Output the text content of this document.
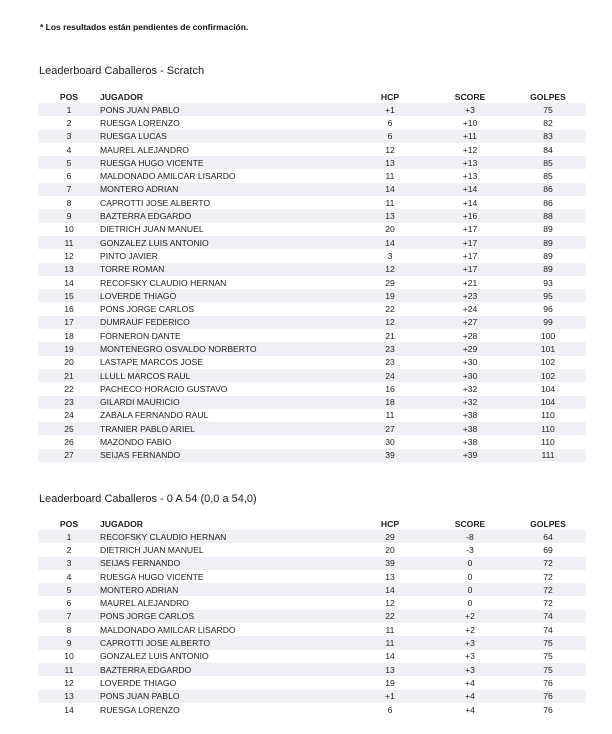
* Los resultados están pendientes de confirmación.
Leaderboard Caballeros - Scratch
POS	JUGADOR	HCP	SCORE	GOLPES
1	PONS JUAN PABLO	+1	+3	75
2	RUESGA LORENZO	6	+10	82
3	RUESGA LUCAS	6	+11	83
4	MAUREL ALEJANDRO	12	+12	84
5	RUESGA HUGO VICENTE	13	+13	85
6	MALDONADO AMILCAR LISARDO	11	+13	85
7	MONTERO ADRIAN	14	+14	86
8	CAPROTTI JOSE ALBERTO	11	+14	86
9	BAZTERRA EDGARDO	13	+16	88
10	DIETRICH JUAN MANUEL	20	+17	89
11	GONZALEZ LUIS ANTONIO	14	+17	89
12	PINTO JAVIER	3	+17	89
13	TORRE ROMAN	12	+17	89
14	RECOFSKY CLAUDIO HERNAN	29	+21	93
15	LOVERDE THIAGO	19	+23	95
16	PONS JORGE CARLOS	22	+24	96
17	DUMRAUF FEDERICO	12	+27	99
18	FORNERON DANTE	21	+28	100
19	MONTENEGRO OSVALDO NORBERTO	23	+29	101
20	LASTAPE MARCOS JOSE	23	+30	102
21	LLULL MARCOS RAUL	24	+30	102
22	PACHECO HORACIO GUSTAVO	16	+32	104
23	GILARDI MAURICIO	18	+32	104
24	ZABALA FERNANDO RAUL	11	+38	110
25	TRANIER PABLO ARIEL	27	+38	110
26	MAZONDO FABIO	30	+38	110
27	SEIJAS FERNANDO	39	+39	111
Leaderboard Caballeros - 0 A 54 (0,0 a 54,0)
POS	JUGADOR	HCP	SCORE	GOLPES
1	RECOFSKY CLAUDIO HERNAN	29	-8	64
2	DIETRICH JUAN MANUEL	20	-3	69
3	SEIJAS FERNANDO	39	0	72
4	RUESGA HUGO VICENTE	13	0	72
5	MONTERO ADRIAN	14	0	72
6	MAUREL ALEJANDRO	12	0	72
7	PONS JORGE CARLOS	22	+2	74
8	MALDONADO AMILCAR LISARDO	11	+2	74
9	CAPROTTI JOSE ALBERTO	11	+3	75
10	GONZALEZ LUIS ANTONIO	14	+3	75
11	BAZTERRA EDGARDO	13	+3	75
12	LOVERDE THIAGO	19	+4	76
13	PONS JUAN PABLO	+1	+4	76
14	RUESGA LORENZO	6	+4	76
